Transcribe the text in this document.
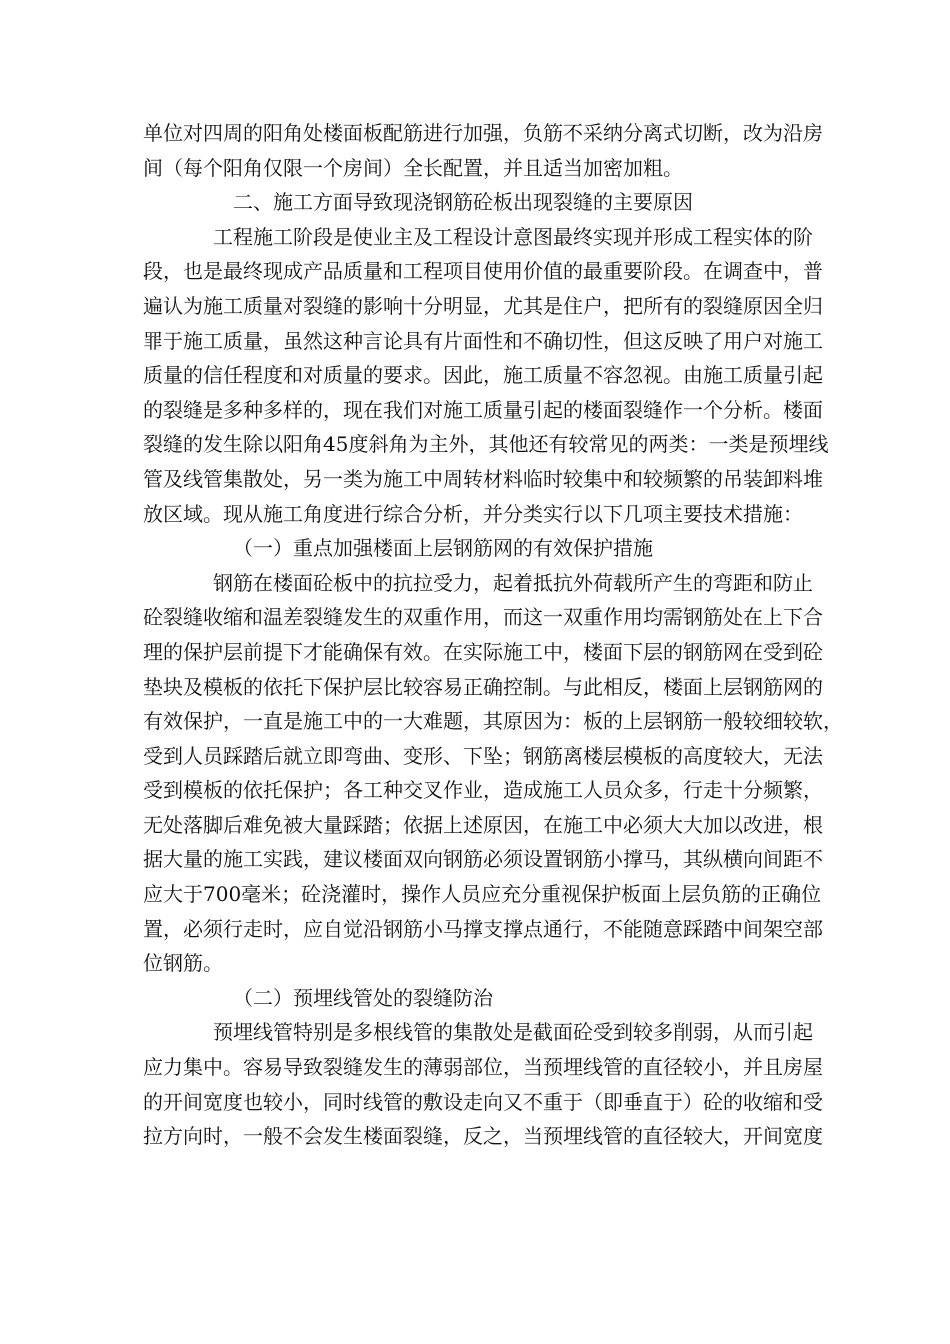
单位对四周的阳角处楼面板配筋进行加强，负筋不采纳分离式切断，改为沿房
间（每个阳角仅限一个房间）全长配置，并且适当加密加粗。
二、施工方面导致现浇钢筋砼板出现裂缝的主要原因
工程施工阶段是使业主及工程设计意图最终实现并形成工程实体的阶
段，也是最终现成产品质量和工程项目使用价值的最重要阶段。在调查中，普
遍认为施工质量对裂缝的影响十分明显，尤其是住户，把所有的裂缝原因全归
罪于施工质量，虽然这种言论具有片面性和不确切性，但这反映了用户对施工
质量的信任程度和对质量的要求。因此，施工质量不容忽视。由施工质量引起
的裂缝是多种多样的，现在我们对施工质量引起的楼面裂缝作一个分析。楼面
裂缝的发生除以阳角45度斜角为主外，其他还有较常见的两类：一类是预埋线
管及线管集散处，另一类为施工中周转材料临时较集中和较频繁的吊装卸料堆
放区域。现从施工角度进行综合分析，并分类实行以下几项主要技术措施：
（一）重点加强楼面上层钢筋网的有效保护措施
钢筋在楼面砼板中的抗拉受力，起着抵抗外荷载所产生的弯距和防止
砼裂缝收缩和温差裂缝发生的双重作用，而这一双重作用均需钢筋处在上下合
理的保护层前提下才能确保有效。在实际施工中，楼面下层的钢筋网在受到砼
垫块及模板的依托下保护层比较容易正确控制。与此相反，楼面上层钢筋网的
有效保护，一直是施工中的一大难题，其原因为：板的上层钢筋一般较细较软，
受到人员踩踏后就立即弯曲、变形、下坠；钢筋离楼层模板的高度较大，无法
受到模板的依托保护；各工种交叉作业，造成施工人员众多，行走十分频繁，
无处落脚后难免被大量踩踏；依据上述原因，在施工中必须大大加以改进，根
据大量的施工实践，建议楼面双向钢筋必须设置钢筋小撑马，其纵横向间距不
应大于700毫米；砼浇灌时，操作人员应充分重视保护板面上层负筋的正确位
置，必须行走时，应自觉沿钢筋小马撑支撑点通行，不能随意踩踏中间架空部
位钢筋。
（二）预埋线管处的裂缝防治
预埋线管特别是多根线管的集散处是截面砼受到较多削弱，从而引起
应力集中。容易导致裂缝发生的薄弱部位，当预埋线管的直径较小，并且房屋
的开间宽度也较小，同时线管的敷设走向又不重于（即垂直于）砼的收缩和受
拉方向时，一般不会发生楼面裂缝，反之，当预埋线管的直径较大，开间宽度
